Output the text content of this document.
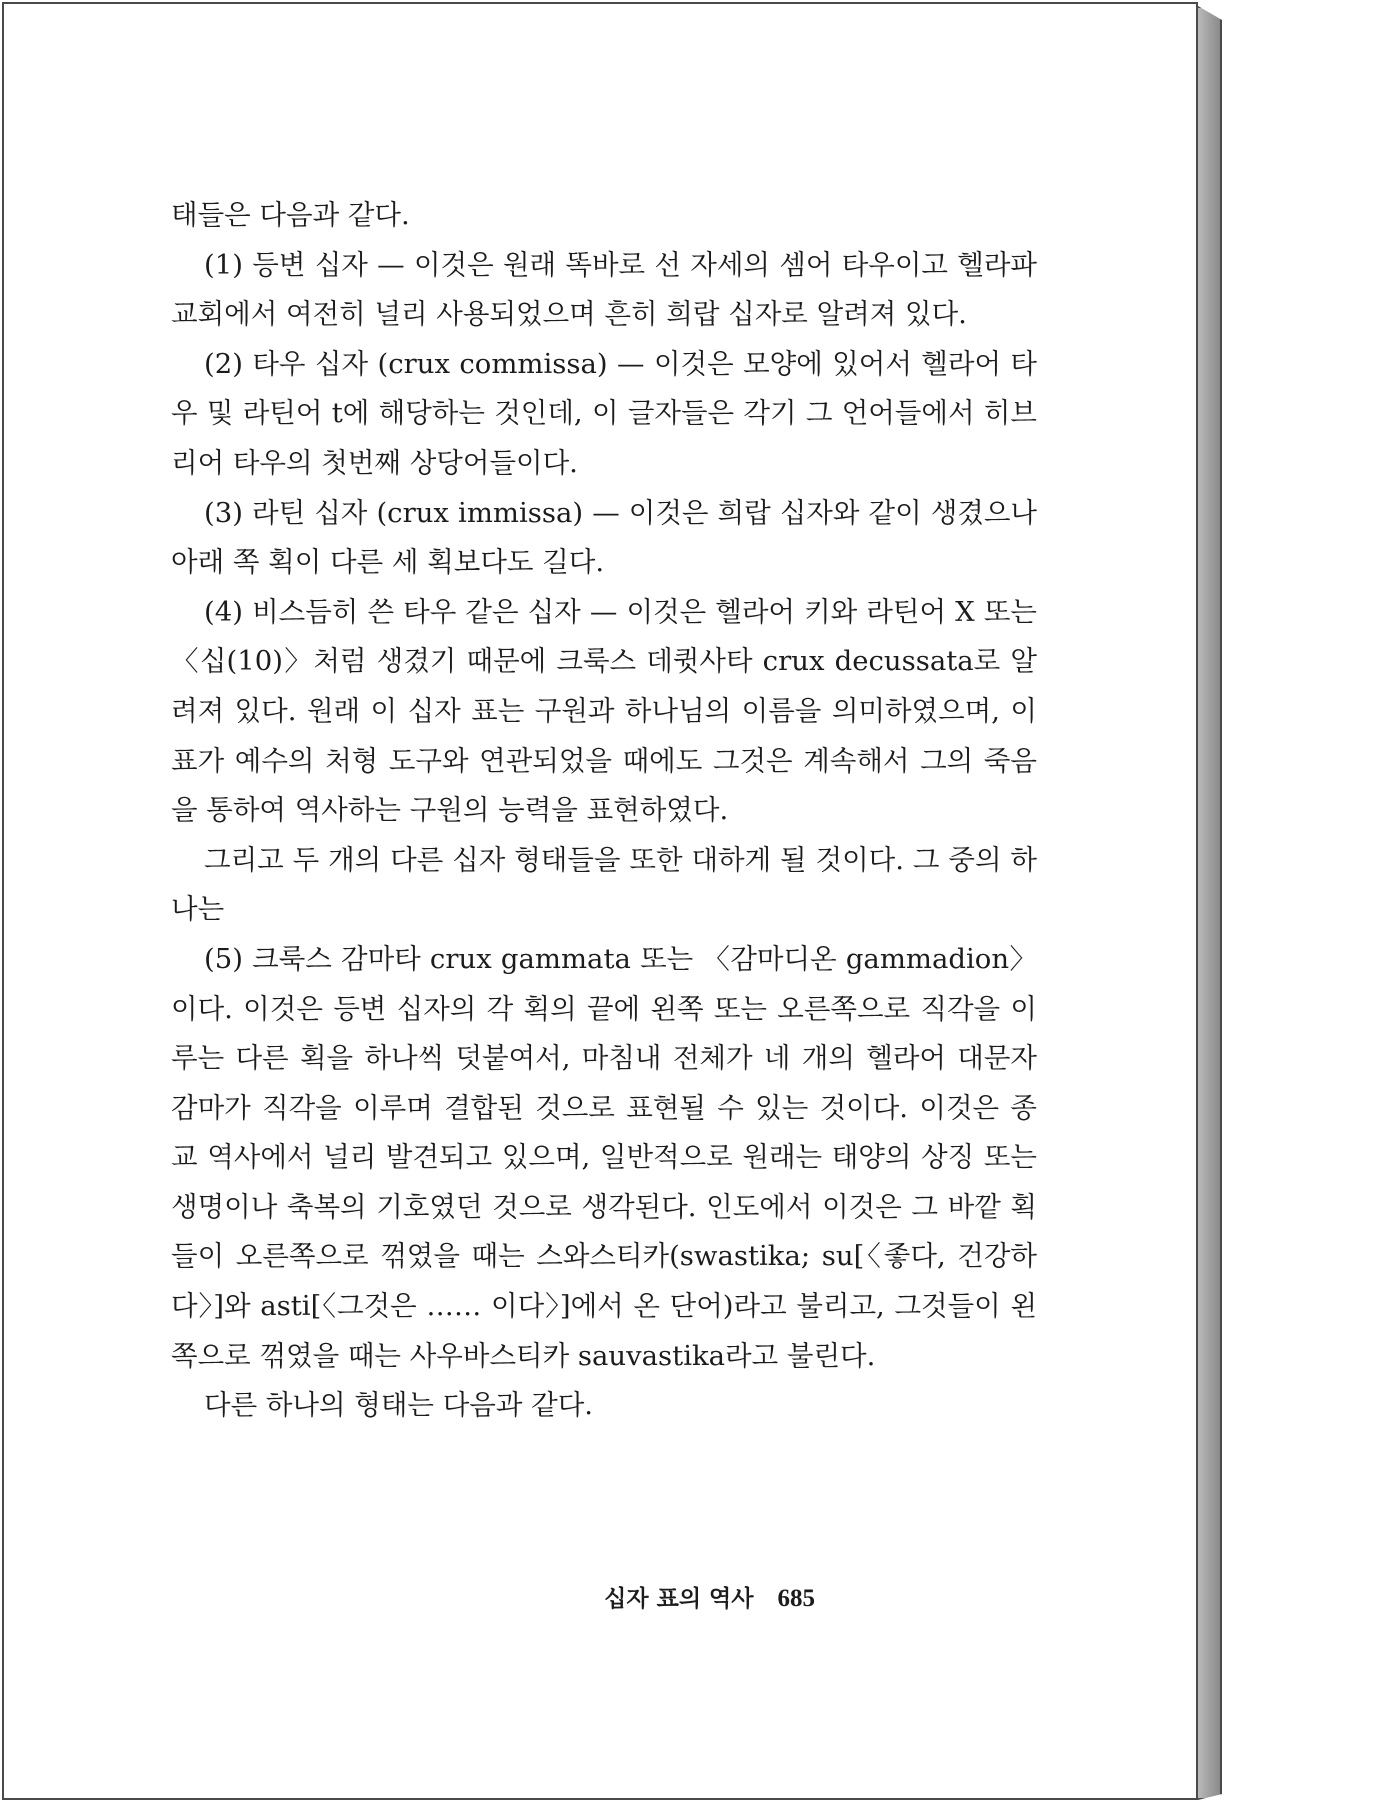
태들은 다음과 같다.

(1) 등변 십자 — 이것은 원래 똑바로 선 자세의 셈어 타우이고 헬라파 교회에서 여전히 널리 사용되었으며 흔히 희랍 십자로 알려져 있다.

(2) 타우 십자 (crux commissa) — 이것은 모양에 있어서 헬라어 타우 및 라틴어 t에 해당하는 것인데, 이 글자들은 각기 그 언어들에서 히브리어 타우의 첫번째 상당어들이다.

(3) 라틴 십자 (crux immissa) — 이것은 희랍 십자와 같이 생겼으나 아래 쪽 획이 다른 세 획보다도 길다.

(4) 비스듬히 쓴 타우 같은 십자 — 이것은 헬라어 키와 라틴어 X 또는 〈십(10)〉처럼 생겼기 때문에 크룩스 데큇사타 crux decussata로 알려져 있다. 원래 이 십자 표는 구원과 하나님의 이름을 의미하였으며, 이 표가 예수의 처형 도구와 연관되었을 때에도 그것은 계속해서 그의 죽음을 통하여 역사하는 구원의 능력을 표현하였다.

그리고 두 개의 다른 십자 형태들을 또한 대하게 될 것이다. 그 중의 하나는

(5) 크룩스 감마타 crux gammata 또는 〈감마디온 gammadion〉이다. 이것은 등변 십자의 각 획의 끝에 왼쪽 또는 오른쪽으로 직각을 이루는 다른 획을 하나씩 덧붙여서, 마침내 전체가 네 개의 헬라어 대문자 감마가 직각을 이루며 결합된 것으로 표현될 수 있는 것이다. 이것은 종교 역사에서 널리 발견되고 있으며, 일반적으로 원래는 태양의 상징 또는 생명이나 축복의 기호였던 것으로 생각된다. 인도에서 이것은 그 바깥 획들이 오른쪽으로 꺾였을 때는 스와스티카(swastika; su[〈좋다, 건강하다〉]와 asti[〈그것은 …… 이다〉]에서 온 단어)라고 불리고, 그것들이 왼쪽으로 꺾였을 때는 사우바스티카 sauvastika라고 불린다.

다른 하나의 형태는 다음과 같다.

십자 표의 역사 685
